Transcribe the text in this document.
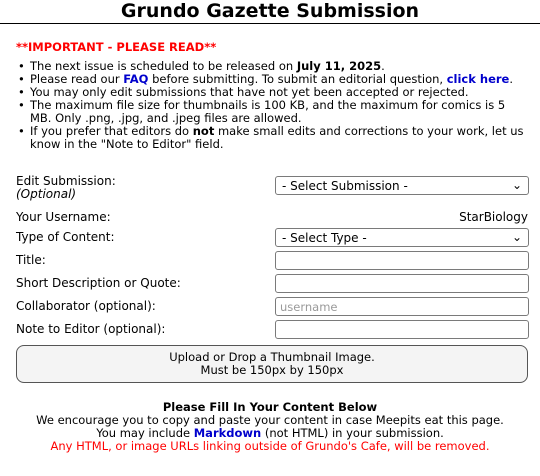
Grundo Gazette Submission
**IMPORTANT - PLEASE READ**
• The next issue is scheduled to be released on July 11, 2025.
• Please read our FAQ before submitting. To submit an editorial question, click here.
• You may only edit submissions that have not yet been accepted or rejected.
• The maximum file size for thumbnails is 100 KB, and the maximum for comics is 5 MB. Only .png, .jpg, and .jpeg files are allowed.
• If you prefer that editors do not make small edits and corrections to your work, let us know in the "Note to Editor" field.
Edit Submission:
(Optional)
- Select Submission -	⌄
Your Username:	StarBiology
Type of Content:	- Select Type -	⌄
Title:
Short Description or Quote:
Collaborator (optional):	username
Note to Editor (optional):
Upload or Drop a Thumbnail Image.
Must be 150px by 150px
Please Fill In Your Content Below
We encourage you to copy and paste your content in case Meepits eat this page.
You may include Markdown (not HTML) in your submission.
Any HTML, or image URLs linking outside of Grundo's Cafe, will be removed.
